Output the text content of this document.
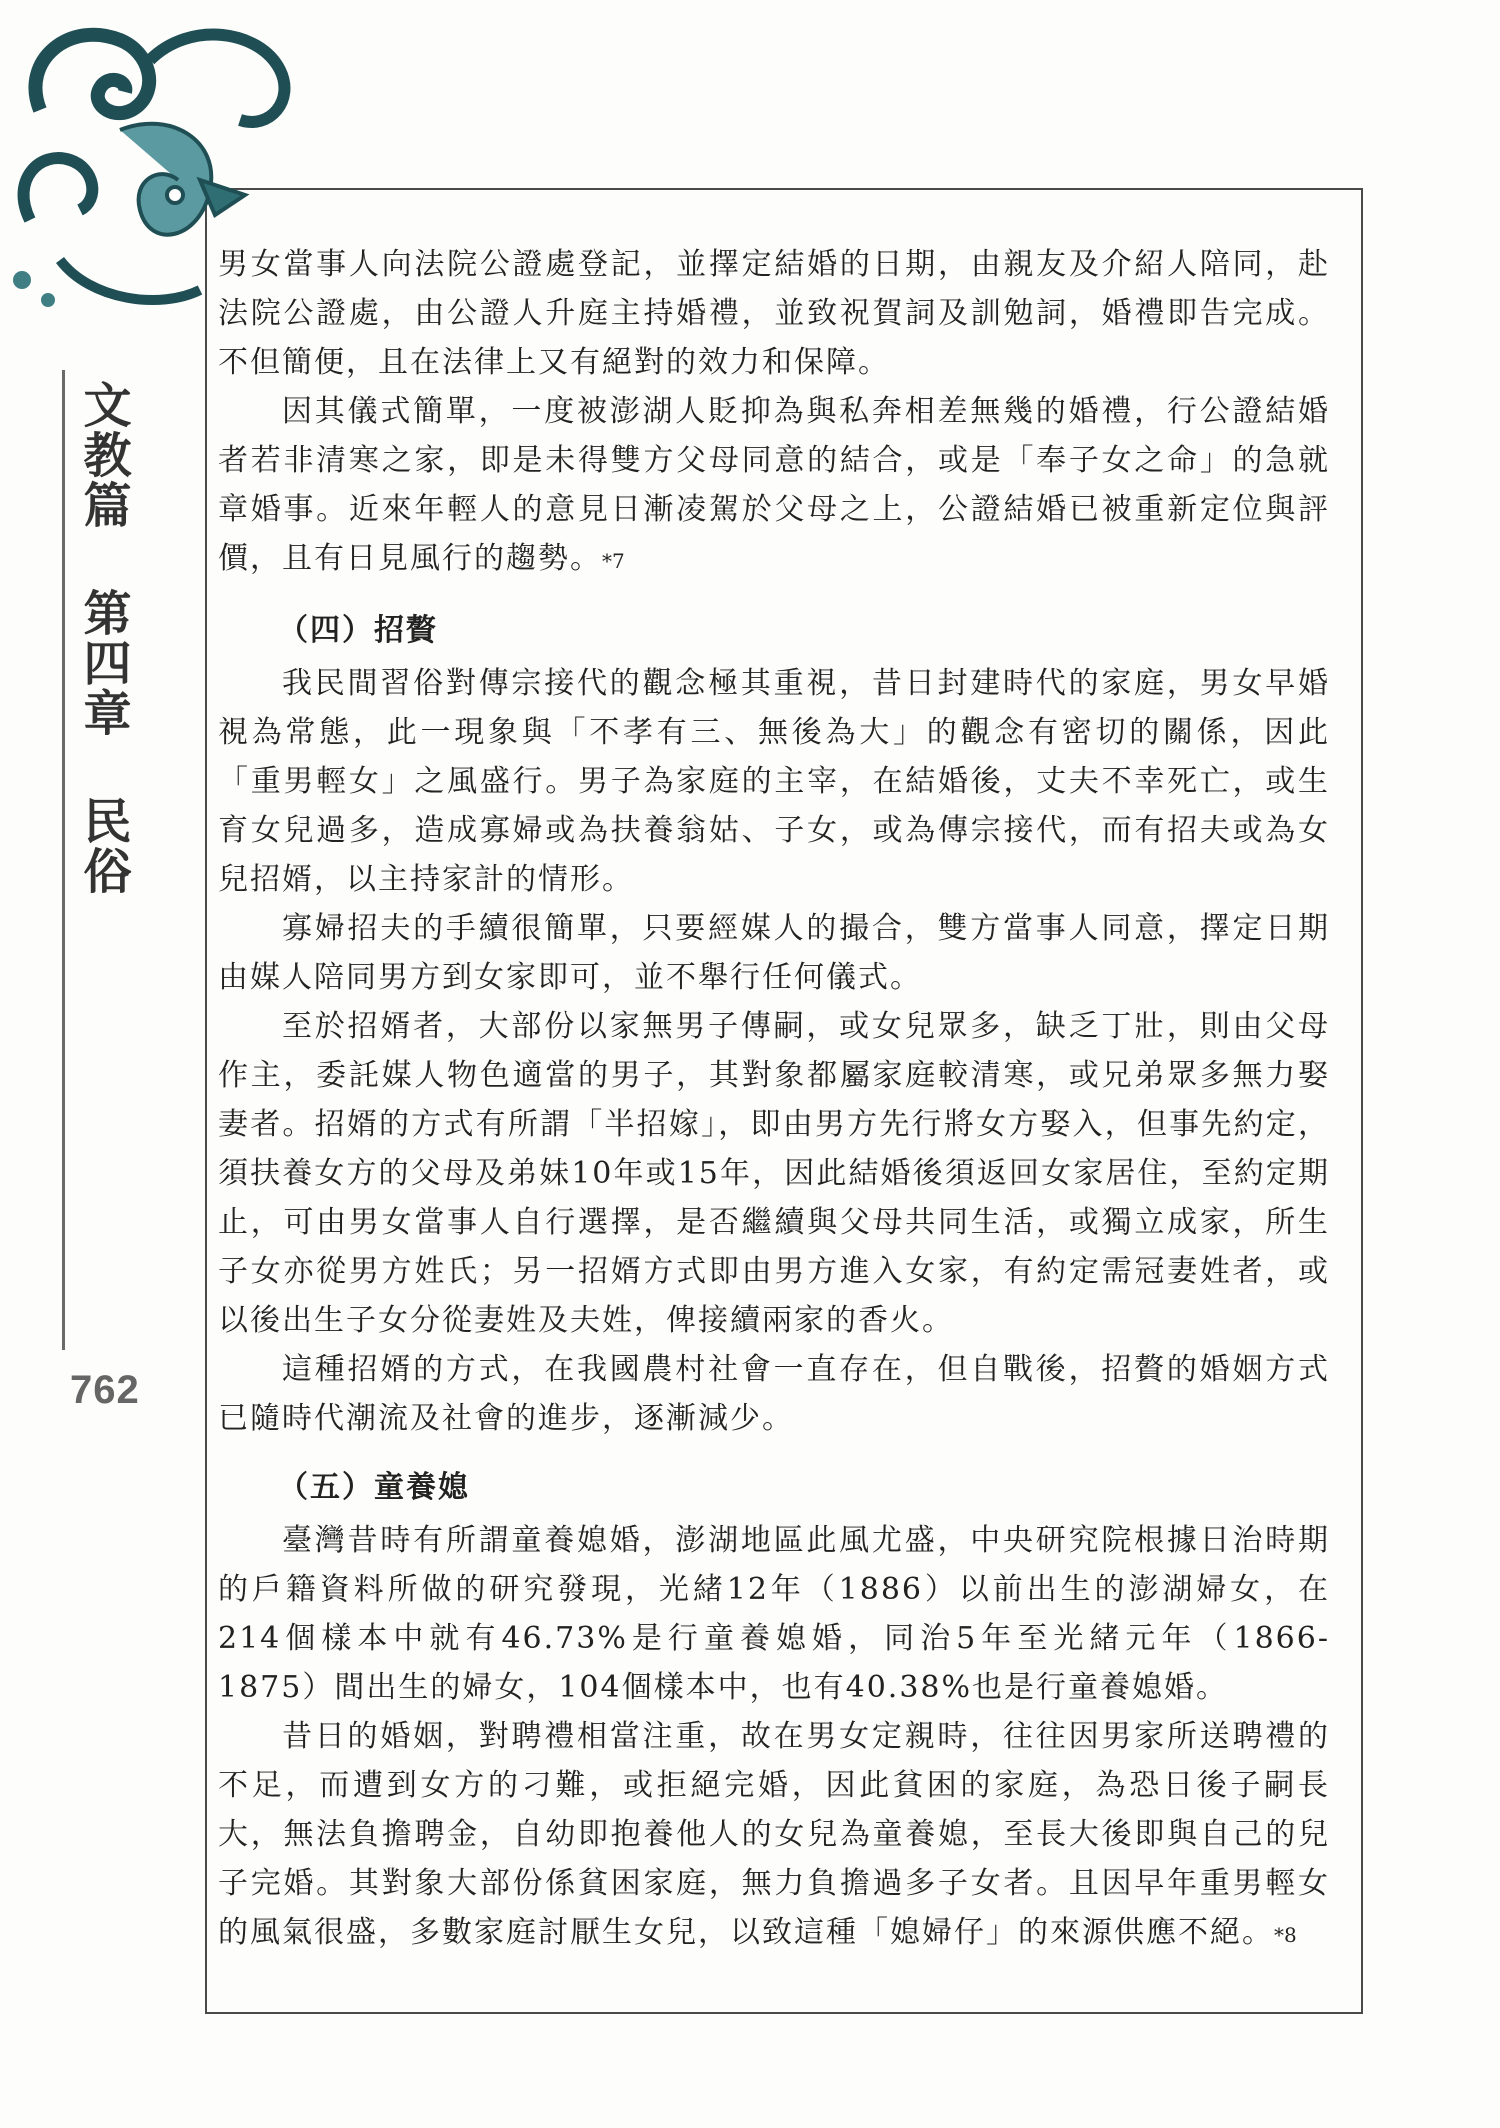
文教篇 第四章 民俗
762

男女當事人向法院公證處登記，並擇定結婚的日期，由親友及介紹人陪同，赴法院公證處，由公證人升庭主持婚禮，並致祝賀詞及訓勉詞，婚禮即告完成。不但簡便，且在法律上又有絕對的效力和保障。

因其儀式簡單，一度被澎湖人貶抑為與私奔相差無幾的婚禮，行公證結婚者若非清寒之家，即是未得雙方父母同意的結合，或是「奉子女之命」的急就章婚事。近來年輕人的意見日漸凌駕於父母之上，公證結婚已被重新定位與評價，且有日見風行的趨勢。*7

（四）招贅

我民間習俗對傳宗接代的觀念極其重視，昔日封建時代的家庭，男女早婚視為常態，此一現象與「不孝有三、無後為大」的觀念有密切的關係，因此「重男輕女」之風盛行。男子為家庭的主宰，在結婚後，丈夫不幸死亡，或生育女兒過多，造成寡婦或為扶養翁姑、子女，或為傳宗接代，而有招夫或為女兒招婿，以主持家計的情形。

寡婦招夫的手續很簡單，只要經媒人的撮合，雙方當事人同意，擇定日期由媒人陪同男方到女家即可，並不舉行任何儀式。

至於招婿者，大部份以家無男子傳嗣，或女兒眾多，缺乏丁壯，則由父母作主，委託媒人物色適當的男子，其對象都屬家庭較清寒，或兄弟眾多無力娶妻者。招婿的方式有所謂「半招嫁」，即由男方先行將女方娶入，但事先約定，須扶養女方的父母及弟妹10年或15年，因此結婚後須返回女家居住，至約定期止，可由男女當事人自行選擇，是否繼續與父母共同生活，或獨立成家，所生子女亦從男方姓氏；另一招婿方式即由男方進入女家，有約定需冠妻姓者，或以後出生子女分從妻姓及夫姓，俾接續兩家的香火。

這種招婿的方式，在我國農村社會一直存在，但自戰後，招贅的婚姻方式已隨時代潮流及社會的進步，逐漸減少。

（五）童養媳

臺灣昔時有所謂童養媳婚，澎湖地區此風尤盛，中央研究院根據日治時期的戶籍資料所做的研究發現，光緒12年（1886）以前出生的澎湖婦女，在214個樣本中就有46.73%是行童養媳婚，同治5年至光緒元年（1866-1875）間出生的婦女，104個樣本中，也有40.38%也是行童養媳婚。

昔日的婚姻，對聘禮相當注重，故在男女定親時，往往因男家所送聘禮的不足，而遭到女方的刁難，或拒絕完婚，因此貧困的家庭，為恐日後子嗣長大，無法負擔聘金，自幼即抱養他人的女兒為童養媳，至長大後即與自己的兒子完婚。其對象大部份係貧困家庭，無力負擔過多子女者。且因早年重男輕女的風氣很盛，多數家庭討厭生女兒，以致這種「媳婦仔」的來源供應不絕。*8
